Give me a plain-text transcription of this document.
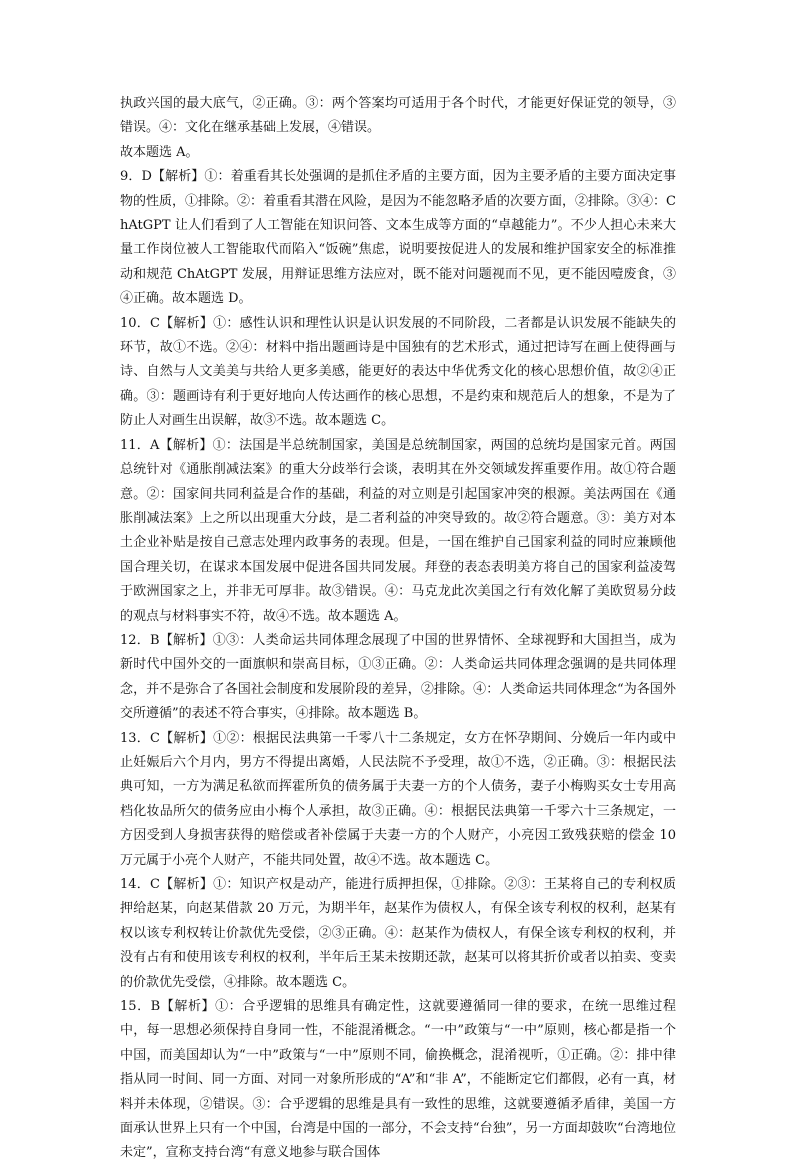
执政兴国的最大底气，②正确。③：两个答案均可适用于各个时代，才能更好保证党的领导，③错误。④：文化在继承基础上发展，④错误。

故本题选 A。

9．D【解析】①：着重看其长处强调的是抓住矛盾的主要方面，因为主要矛盾的主要方面决定事物的性质，①排除。②：着重看其潜在风险，是因为不能忽略矛盾的次要方面，②排除。③④：ChAtGPT 让人们看到了人工智能在知识问答、文本生成等方面的“卓越能力”。不少人担心未来大量工作岗位被人工智能取代而陷入“饭碗”焦虑，说明要按促进人的发展和维护国家安全的标准推动和规范 ChAtGPT 发展，用辩证思维方法应对，既不能对问题视而不见，更不能因噎废食，③④正确。故本题选 D。

10．C【解析】①：感性认识和理性认识是认识发展的不同阶段，二者都是认识发展不能缺失的环节，故①不选。②④：材料中指出题画诗是中国独有的艺术形式，通过把诗写在画上使得画与诗、自然与人文美美与共给人更多美感，能更好的表达中华优秀文化的核心思想价值，故②④正确。③：题画诗有利于更好地向人传达画作的核心思想，不是约束和规范后人的想象，不是为了防止人对画生出误解，故③不选。故本题选 C。

11．A【解析】①：法国是半总统制国家，美国是总统制国家，两国的总统均是国家元首。两国总统针对《通胀削减法案》的重大分歧举行会谈，表明其在外交领域发挥重要作用。故①符合题意。②：国家间共同利益是合作的基础，利益的对立则是引起国家冲突的根源。美法两国在《通胀削减法案》上之所以出现重大分歧，是二者利益的冲突导致的。故②符合题意。③：美方对本土企业补贴是按自己意志处理内政事务的表现。但是，一国在维护自己国家利益的同时应兼顾他国合理关切，在谋求本国发展中促进各国共同发展。拜登的表态表明美方将自己的国家利益凌驾于欧洲国家之上，并非无可厚非。故③错误。④：马克龙此次美国之行有效化解了美欧贸易分歧的观点与材料事实不符，故④不选。故本题选 A。

12．B【解析】①③：人类命运共同体理念展现了中国的世界情怀、全球视野和大国担当，成为新时代中国外交的一面旗帜和崇高目标，①③正确。②：人类命运共同体理念强调的是共同体理念，并不是弥合了各国社会制度和发展阶段的差异，②排除。④：人类命运共同体理念“为各国外交所遵循”的表述不符合事实，④排除。故本题选 B。

13．C【解析】①②：根据民法典第一千零八十二条规定，女方在怀孕期间、分娩后一年内或中止妊娠后六个月内，男方不得提出离婚，人民法院不予受理，故①不选，②正确。③：根据民法典可知，一方为满足私欲而挥霍所负的债务属于夫妻一方的个人债务，妻子小梅购买女士专用高档化妆品所欠的债务应由小梅个人承担，故③正确。④：根据民法典第一千零六十三条规定，一方因受到人身损害获得的赔偿或者补偿属于夫妻一方的个人财产，小亮因工致残获赔的偿金 10 万元属于小亮个人财产，不能共同处置，故④不选。故本题选 C。

14．C【解析】①：知识产权是动产，能进行质押担保，①排除。②③：王某将自己的专利权质押给赵某，向赵某借款 20 万元，为期半年，赵某作为债权人，有保全该专利权的权利，赵某有权以该专利权转让价款优先受偿，②③正确。④：赵某作为债权人，有保全该专利权的权利，并没有占有和使用该专利权的权利，半年后王某未按期还款，赵某可以将其折价或者以拍卖、变卖的价款优先受偿，④排除。故本题选 C。

15．B【解析】①：合乎逻辑的思维具有确定性，这就要遵循同一律的要求，在统一思维过程中，每一思想必须保持自身同一性，不能混淆概念。“一中”政策与“一中”原则，核心都是指一个中国，而美国却认为“一中”政策与“一中”原则不同，偷换概念，混淆视听，①正确。②：排中律指从同一时间、同一方面、对同一对象所形成的“A”和“非 A”，不能断定它们都假，必有一真，材料并未体现，②错误。③：合乎逻辑的思维是具有一致性的思维，这就要遵循矛盾律，美国一方面承认世界上只有一个中国，台湾是中国的一部分，不会支持“台独”，另一方面却鼓吹“台湾地位未定”，宣称支持台湾“有意义地参与联合国体
